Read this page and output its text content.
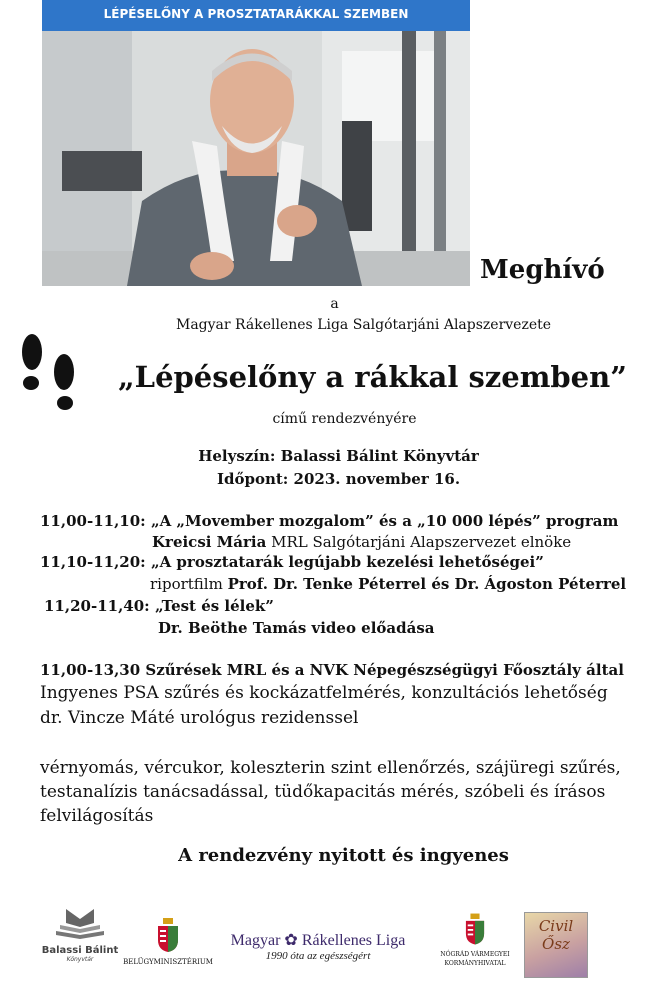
LÉPÉSELŐNY A PROSZTATARÁKKAL SZEMBEN
Meghívó
a
Magyar Rákellenes Liga Salgótarjáni Alapszervezete
„Lépéselőny a rákkal szemben”
című rendezvényére
Helyszín: Balassi Bálint Könyvtár
Időpont: 2023. november 16.
11,00-11,10: „A „Movember mozgalom” és a „10 000 lépés” program
Kreicsi Mária MRL Salgótarjáni Alapszervezet elnöke
11,10-11,20: „A prosztatarák legújabb kezelési lehetőségei”
riportfilm Prof. Dr. Tenke Péterrel és Dr. Ágoston Péterrel
11,20-11,40: „Test és lélek”
Dr. Beöthe Tamás video előadása
11,00-13,30 Szűrések MRL és a NVK Népegészségügyi Főosztály által
Ingyenes PSA szűrés és kockázatfelmérés, konzultációs lehetőség
dr. Vincze Máté urológus rezidenssel
vérnyomás, vércukor, koleszterin szint ellenőrzés, szájüregi szűrés,
testanalízis tanácsadással, tüdőkapacitás mérés, szóbeli és írásos
felvilágosítás
A rendezvény nyitott és ingyenes
Balassi Bálint
Könyvtár	BELÜGYMINISZTÉRIUM
Magyar ✿ Rákellenes Liga
1990 óta az egészségért	NÓGRÁD VÁRMEGYEI
KORMÁNYHIVATAL
Civil
Ősz
